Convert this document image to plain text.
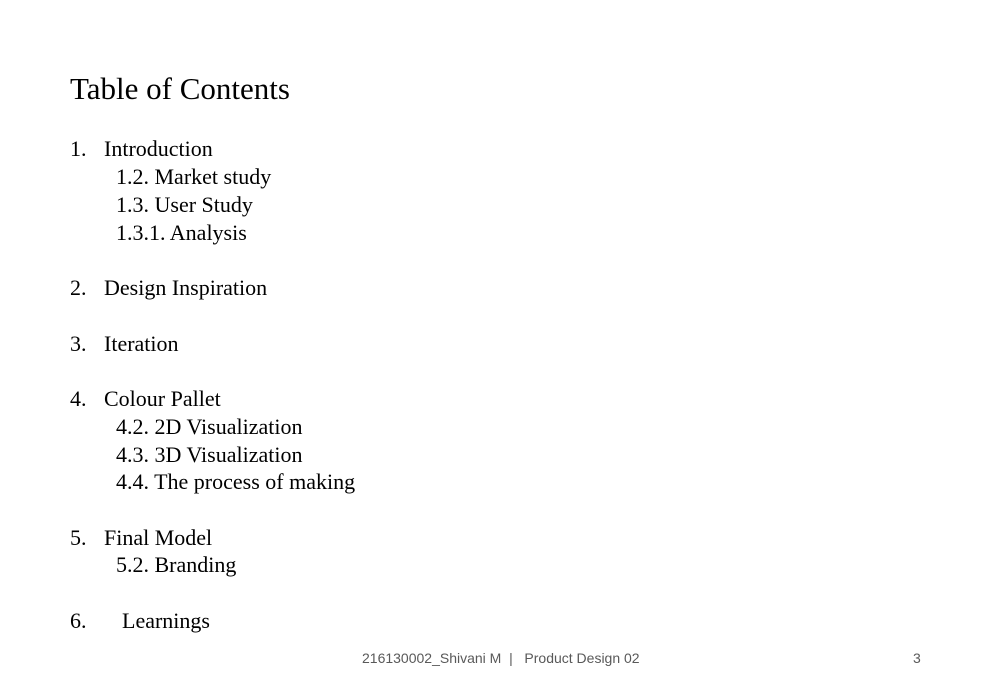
Table of Contents
1. Introduction
1.2. Market study
1.3. User Study
1.3.1. Analysis
2. Design Inspiration
3. Iteration
4. Colour Pallet
4.2. 2D Visualization
4.3. 3D Visualization
4.4. The process of making
5. Final Model
5.2. Branding
6. Learnings
216130002_Shivani M  |   Product Design 02	3
